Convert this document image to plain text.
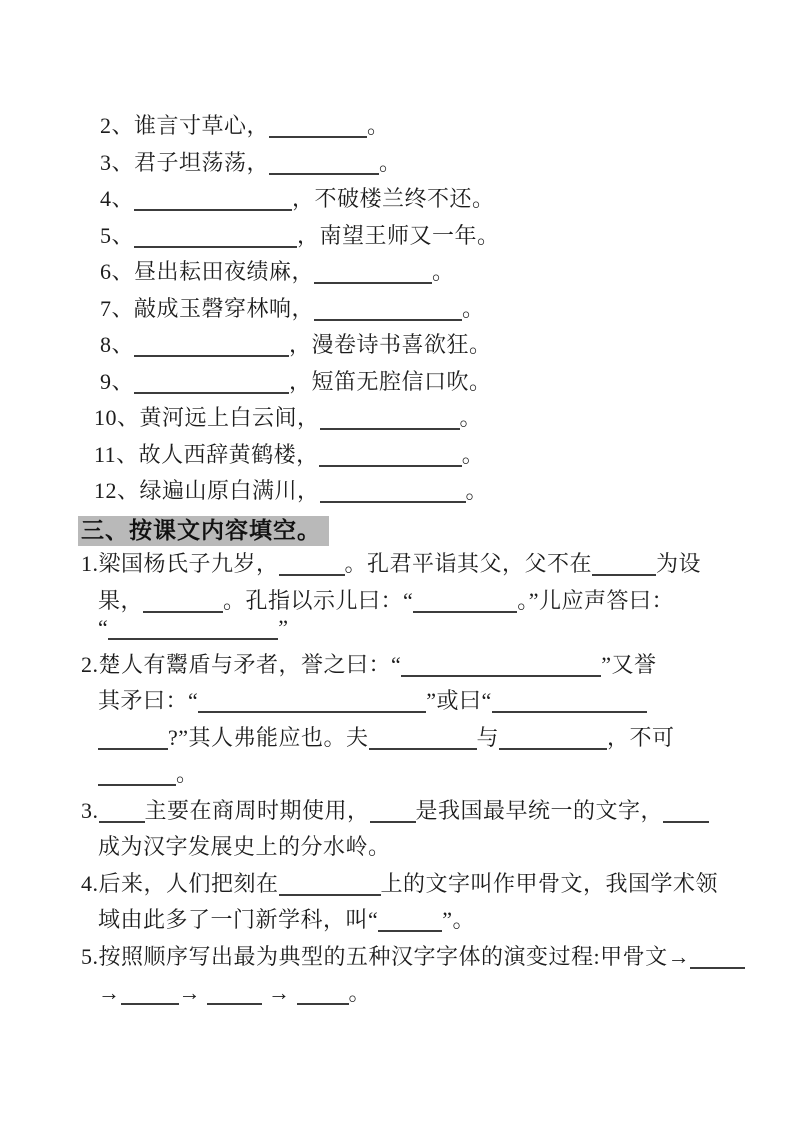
2、谁言寸草心，	。
3、君子坦荡荡，	。
4、	，不破楼兰终不还。
5、	，南望王师又一年。
6、昼出耘田夜绩麻，	。
7、敲成玉磬穿林响，	。
8、	，漫卷诗书喜欲狂。
9、	，短笛无腔信口吹。
10、黄河远上白云间，	。
11、故人西辞黄鹤楼，	。
12、绿遍山原白满川，	。
三、按课文内容填空。
1.梁国杨氏子九岁，	。孔君平诣其父，父不在	为设
果，	。孔指以示儿曰：“	。”儿应声答曰：
“	”
2.楚人有鬻盾与矛者，誉之曰：“	”又誉
其矛曰：“	”或曰“
?”其人弗能应也。夫	与	，不可
。
3. 主要在商周时期使用， 是我国最早统一的文字，
成为汉字发展史上的分水岭。
4.后来，人们把刻在	上的文字叫作甲骨文，我国学术领
域由此多了一门新学科，叫“	”。
5.按照顺序写出最为典型的五种汉字字体的演变过程:甲骨文→
→	→	→ 。
